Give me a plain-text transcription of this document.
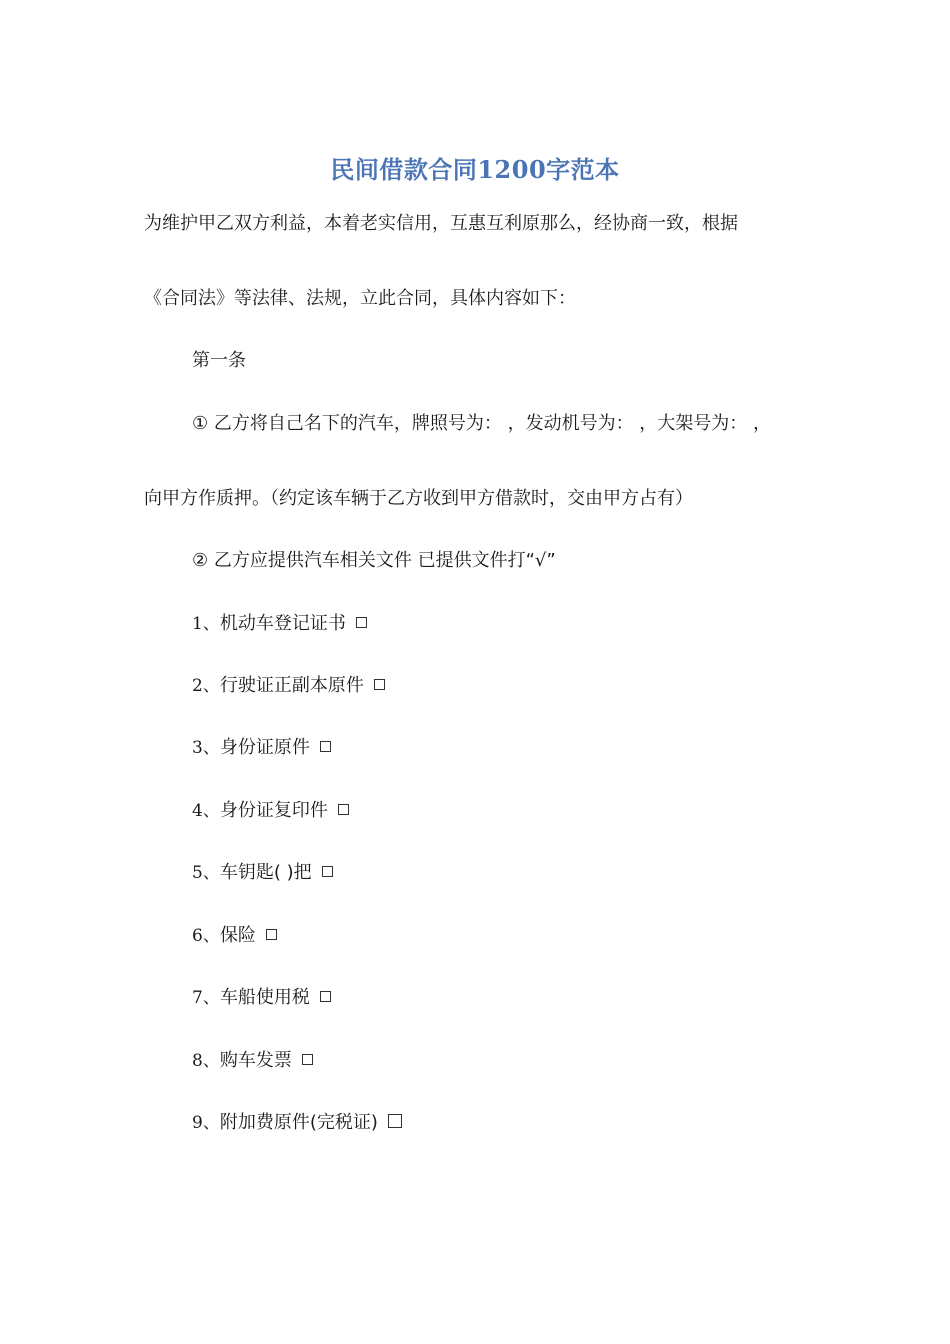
民间借款合同1200字范本
为维护甲乙双方利益，本着老实信用，互惠互利原那么，经协商一致，根据
《合同法》等法律、法规，立此合同，具体内容如下：
第一条
① 乙方将自己名下的汽车，牌照号为： ，发动机号为： ，大架号为： ，
向甲方作质押。（约定该车辆于乙方收到甲方借款时，交由甲方占有）
② 乙方应提供汽车相关文件 已提供文件打“√”
1、机动车登记证书
2、行驶证正副本原件
3、身份证原件
4、身份证复印件
5、车钥匙( )把
6、保险
7、车船使用税
8、购车发票
9、附加费原件(完税证)
